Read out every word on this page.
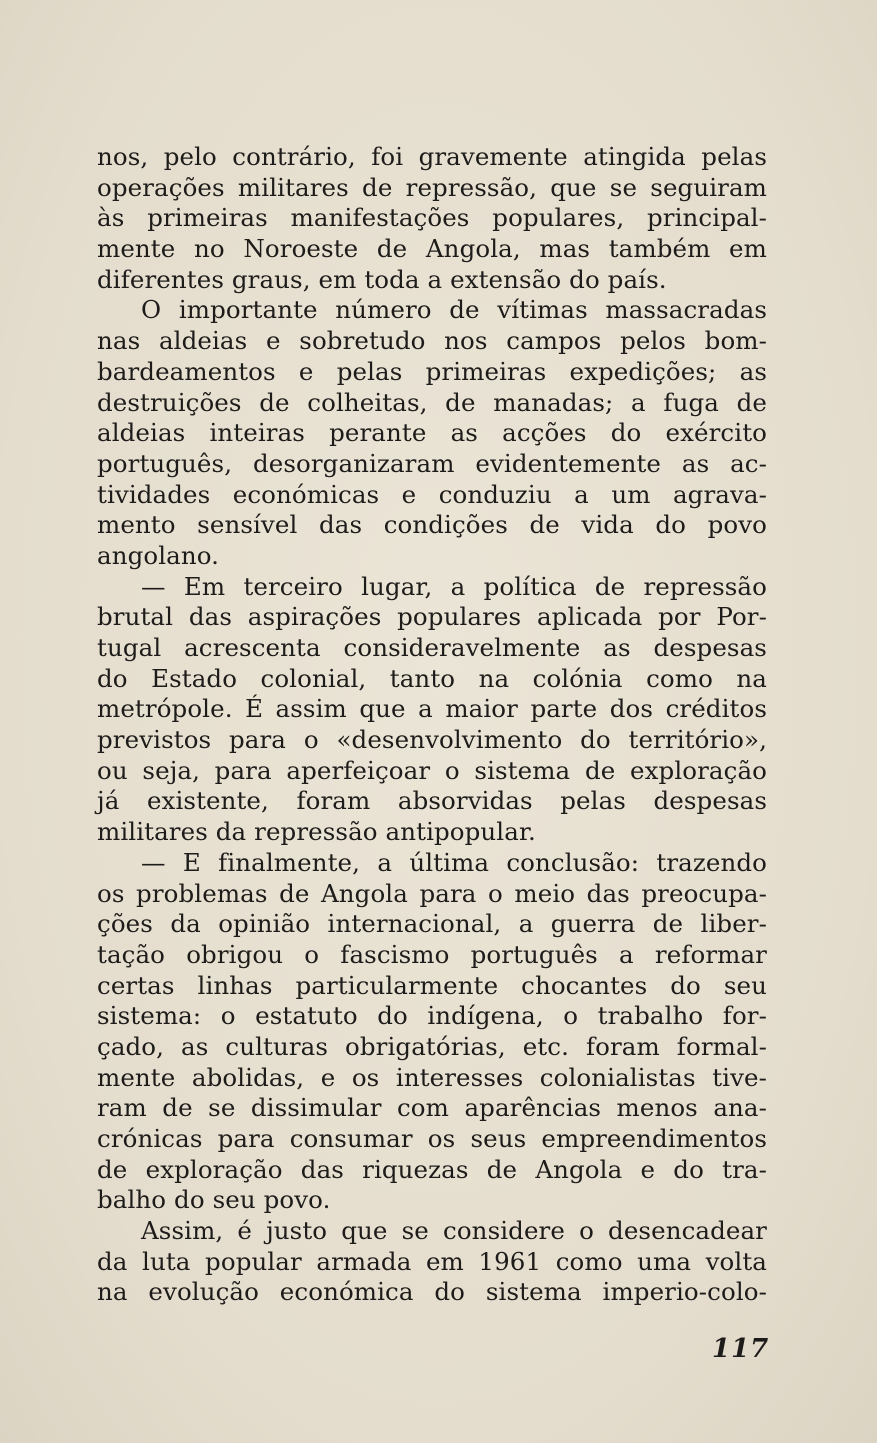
nos, pelo contrário, foi gravemente atingida pelas
operações militares de repressão, que se seguiram
às primeiras manifestações populares, principal-
mente no Noroeste de Angola, mas também em
diferentes graus, em toda a extensão do país.
O importante número de vítimas massacradas
nas aldeias e sobretudo nos campos pelos bom-
bardeamentos e pelas primeiras expedições; as
destruições de colheitas, de manadas; a fuga de
aldeias inteiras perante as acções do exército
português, desorganizaram evidentemente as ac-
tividades económicas e conduziu a um agrava-
mento sensível das condições de vida do povo
angolano.
— Em terceiro lugar, a política de repressão
brutal das aspirações populares aplicada por Por-
tugal acrescenta consideravelmente as despesas
do Estado colonial, tanto na colónia como na
metrópole. É assim que a maior parte dos créditos
previstos para o «desenvolvimento do território»,
ou seja, para aperfeiçoar o sistema de exploração
já existente, foram absorvidas pelas despesas
militares da repressão antipopular.
— E finalmente, a última conclusão: trazendo
os problemas de Angola para o meio das preocupa-
ções da opinião internacional, a guerra de liber-
tação obrigou o fascismo português a reformar
certas linhas particularmente chocantes do seu
sistema: o estatuto do indígena, o trabalho for-
çado, as culturas obrigatórias, etc. foram formal-
mente abolidas, e os interesses colonialistas tive-
ram de se dissimular com aparências menos ana-
crónicas para consumar os seus empreendimentos
de exploração das riquezas de Angola e do tra-
balho do seu povo.
Assim, é justo que se considere o desencadear
da luta popular armada em 1961 como uma volta
na evolução económica do sistema imperio-colo-
117
